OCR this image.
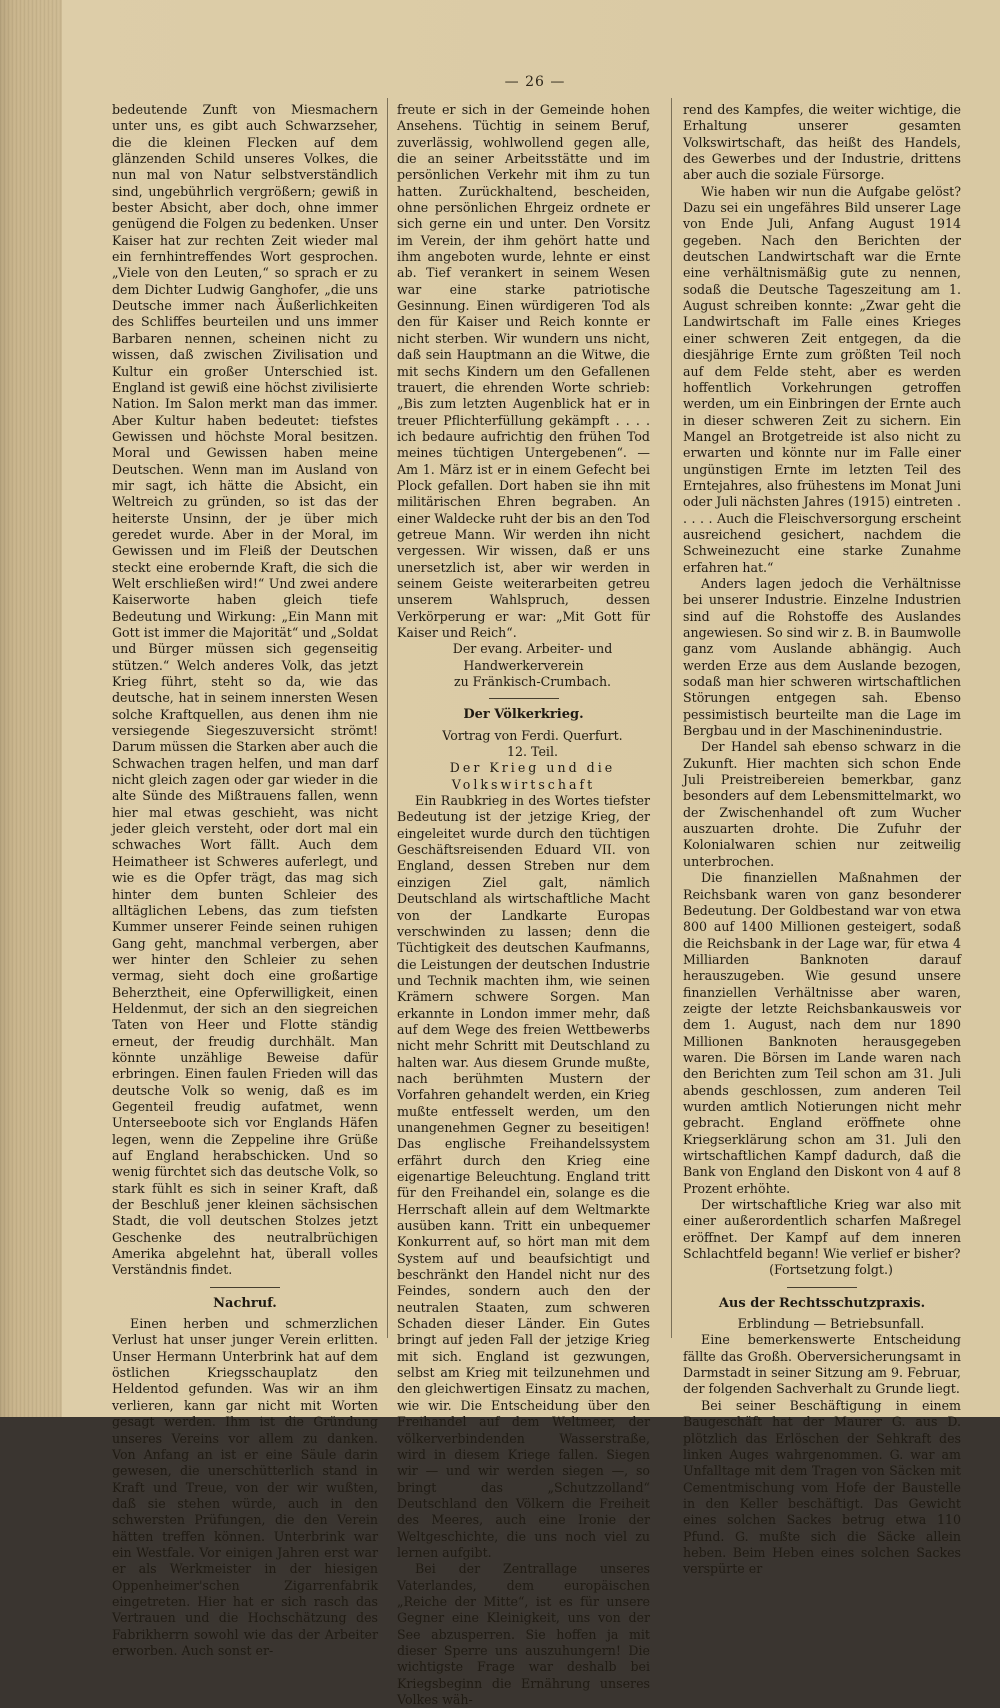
— 26 —

bedeutende Zunft von Miesmachern unter uns, es gibt auch Schwarzseher, die die kleinen Flecken auf dem glänzenden Schild unseres Volkes, die nun mal von Natur selbstverständlich sind, ungebührlich vergrößern; gewiß in bester Absicht, aber doch, ohne immer genügend die Folgen zu bedenken. Unser Kaiser hat zur rechten Zeit wieder mal ein fernhintreffendes Wort gesprochen. „Viele von den Leuten,“ so sprach er zu dem Dichter Ludwig Ganghofer, „die uns Deutsche immer nach Äußerlichkeiten des Schliffes beurteilen und uns immer Barbaren nennen, scheinen nicht zu wissen, daß zwischen Zivilisation und Kultur ein großer Unterschied ist. England ist gewiß eine höchst zivilisierte Nation. Im Salon merkt man das immer. Aber Kultur haben bedeutet: tiefstes Gewissen und höchste Moral besitzen. Moral und Gewissen haben meine Deutschen. Wenn man im Ausland von mir sagt, ich hätte die Absicht, ein Weltreich zu gründen, so ist das der heiterste Unsinn, der je über mich geredet wurde. Aber in der Moral, im Gewissen und im Fleiß der Deutschen steckt eine erobernde Kraft, die sich die Welt erschließen wird!“ Und zwei andere Kaiserworte haben gleich tiefe Bedeutung und Wirkung: „Ein Mann mit Gott ist immer die Majorität“ und „Soldat und Bürger müssen sich gegenseitig stützen.“ Welch anderes Volk, das jetzt Krieg führt, steht so da, wie das deutsche, hat in seinem innersten Wesen solche Kraftquellen, aus denen ihm nie versiegende Siegeszuversicht strömt! Darum müssen die Starken aber auch die Schwachen tragen helfen, und man darf nicht gleich zagen oder gar wieder in die alte Sünde des Mißtrauens fallen, wenn hier mal etwas geschieht, was nicht jeder gleich versteht, oder dort mal ein schwaches Wort fällt. Auch dem Heimatheer ist Schweres auferlegt, und wie es die Opfer trägt, das mag sich hinter dem bunten Schleier des alltäglichen Lebens, das zum tiefsten Kummer unserer Feinde seinen ruhigen Gang geht, manchmal verbergen, aber wer hinter den Schleier zu sehen vermag, sieht doch eine großartige Beherztheit, eine Opferwilligkeit, einen Heldenmut, der sich an den siegreichen Taten von Heer und Flotte ständig erneut, der freudig durchhält. Man könnte unzählige Beweise dafür erbringen. Einen faulen Frieden will das deutsche Volk so wenig, daß es im Gegenteil freudig aufatmet, wenn Unterseeboote sich vor Englands Häfen legen, wenn die Zeppeline ihre Grüße auf England herabschicken. Und so wenig fürchtet sich das deutsche Volk, so stark fühlt es sich in seiner Kraft, daß der Beschluß jener kleinen sächsischen Stadt, die voll deutschen Stolzes jetzt Geschenke des neutralbrüchigen Amerika abgelehnt hat, überall volles Verständnis findet.

Nachruf.

Einen herben und schmerzlichen Verlust hat unser junger Verein erlitten. Unser Hermann Unterbrink hat auf dem östlichen Kriegsschauplatz den Heldentod gefunden. Was wir an ihm verlieren, kann gar nicht mit Worten gesagt werden. Ihm ist die Gründung unseres Vereins vor allem zu danken. Von Anfang an ist er eine Säule darin gewesen, die unerschütterlich stand in Kraft und Treue, von der wir wußten, daß sie stehen würde, auch in den schwersten Prüfungen, die den Verein hätten treffen können. Unterbrink war ein Westfale. Vor einigen Jahren erst war er als Werkmeister in der hiesigen Oppenheimer'schen Zigarrenfabrik eingetreten. Hier hat er sich rasch das Vertrauen und die Hochschätzung des Fabrikherrn sowohl wie das der Arbeiter erworben. Auch sonst er-

freute er sich in der Gemeinde hohen Ansehens. Tüchtig in seinem Beruf, zuverlässig, wohlwollend gegen alle, die an seiner Arbeitsstätte und im persönlichen Verkehr mit ihm zu tun hatten. Zurückhaltend, bescheiden, ohne persönlichen Ehrgeiz ordnete er sich gerne ein und unter. Den Vorsitz im Verein, der ihm gehört hatte und ihm angeboten wurde, lehnte er einst ab. Tief verankert in seinem Wesen war eine starke patriotische Gesinnung. Einen würdigeren Tod als den für Kaiser und Reich konnte er nicht sterben. Wir wundern uns nicht, daß sein Hauptmann an die Witwe, die mit sechs Kindern um den Gefallenen trauert, die ehrenden Worte schrieb: „Bis zum letzten Augenblick hat er in treuer Pflichterfüllung gekämpft . . . . ich bedaure aufrichtig den frühen Tod meines tüchtigen Untergebenen“. — Am 1. März ist er in einem Gefecht bei Plock gefallen. Dort haben sie ihn mit militärischen Ehren begraben. An einer Waldecke ruht der bis an den Tod getreue Mann. Wir werden ihn nicht vergessen. Wir wissen, daß er uns unersetzlich ist, aber wir werden in seinem Geiste weiterarbeiten getreu unserem Wahlspruch, dessen Verkörperung er war: „Mit Gott für Kaiser und Reich“.

Der evang. Arbeiter- und Handwerkerverein

zu Fränkisch-Crumbach.

Der Völkerkrieg.

Vortrag von Ferdi. Querfurt.

12. Teil.

Der Krieg und die Volkswirtschaft

Ein Raubkrieg in des Wortes tiefster Bedeutung ist der jetzige Krieg, der eingeleitet wurde durch den tüchtigen Geschäftsreisenden Eduard VII. von England, dessen Streben nur dem einzigen Ziel galt, nämlich Deutschland als wirtschaftliche Macht von der Landkarte Europas verschwinden zu lassen; denn die Tüchtigkeit des deutschen Kaufmanns, die Leistungen der deutschen Industrie und Technik machten ihm, wie seinen Krämern schwere Sorgen. Man erkannte in London immer mehr, daß auf dem Wege des freien Wettbewerbs nicht mehr Schritt mit Deutschland zu halten war. Aus diesem Grunde mußte, nach berühmten Mustern der Vorfahren gehandelt werden, ein Krieg mußte entfesselt werden, um den unangenehmen Gegner zu beseitigen! Das englische Freihandelssystem erfährt durch den Krieg eine eigenartige Beleuchtung. England tritt für den Freihandel ein, solange es die Herrschaft allein auf dem Weltmarkte ausüben kann. Tritt ein unbequemer Konkurrent auf, so hört man mit dem System auf und beaufsichtigt und beschränkt den Handel nicht nur des Feindes, sondern auch den der neutralen Staaten, zum schweren Schaden dieser Länder. Ein Gutes bringt auf jeden Fall der jetzige Krieg mit sich. England ist gezwungen, selbst am Krieg mit teilzunehmen und den gleichwertigen Einsatz zu machen, wie wir. Die Entscheidung über den Freihandel auf dem Weltmeer, der völkerverbindenden Wasserstraße, wird in diesem Kriege fallen. Siegen wir — und wir werden siegen —, so bringt das „Schutzzolland“ Deutschland den Völkern die Freiheit des Meeres, auch eine Ironie der Weltgeschichte, die uns noch viel zu lernen aufgibt.

Bei der Zentrallage unseres Vaterlandes, dem europäischen „Reiche der Mitte“, ist es für unsere Gegner eine Kleinigkeit, uns von der See abzusperren. Sie hoffen ja mit dieser Sperre uns auszuhungern! Die wichtigste Frage war deshalb bei Kriegsbeginn die Ernährung unseres Volkes wäh-

rend des Kampfes, die weiter wichtige, die Erhaltung unserer gesamten Volkswirtschaft, das heißt des Handels, des Gewerbes und der Industrie, drittens aber auch die soziale Fürsorge.

Wie haben wir nun die Aufgabe gelöst? Dazu sei ein ungefähres Bild unserer Lage von Ende Juli, Anfang August 1914 gegeben. Nach den Berichten der deutschen Landwirtschaft war die Ernte eine verhältnismäßig gute zu nennen, sodaß die Deutsche Tageszeitung am 1. August schreiben konnte: „Zwar geht die Landwirtschaft im Falle eines Krieges einer schweren Zeit entgegen, da die diesjährige Ernte zum größten Teil noch auf dem Felde steht, aber es werden hoffentlich Vorkehrungen getroffen werden, um ein Einbringen der Ernte auch in dieser schweren Zeit zu sichern. Ein Mangel an Brotgetreide ist also nicht zu erwarten und könnte nur im Falle einer ungünstigen Ernte im letzten Teil des Erntejahres, also frühestens im Monat Juni oder Juli nächsten Jahres (1915) eintreten . . . . . Auch die Fleischversorgung erscheint ausreichend gesichert, nachdem die Schweinezucht eine starke Zunahme erfahren hat.“

Anders lagen jedoch die Verhältnisse bei unserer Industrie. Einzelne Industrien sind auf die Rohstoffe des Auslandes angewiesen. So sind wir z. B. in Baumwolle ganz vom Auslande abhängig. Auch werden Erze aus dem Auslande bezogen, sodaß man hier schweren wirtschaftlichen Störungen entgegen sah. Ebenso pessimistisch beurteilte man die Lage im Bergbau und in der Maschinenindustrie.

Der Handel sah ebenso schwarz in die Zukunft. Hier machten sich schon Ende Juli Preistreibereien bemerkbar, ganz besonders auf dem Lebensmittelmarkt, wo der Zwischenhandel oft zum Wucher auszuarten drohte. Die Zufuhr der Kolonialwaren schien nur zeitweilig unterbrochen.

Die finanziellen Maßnahmen der Reichsbank waren von ganz besonderer Bedeutung. Der Goldbestand war von etwa 800 auf 1400 Millionen gesteigert, sodaß die Reichsbank in der Lage war, für etwa 4 Milliarden Banknoten darauf herauszugeben. Wie gesund unsere finanziellen Verhältnisse aber waren, zeigte der letzte Reichsbankausweis vor dem 1. August, nach dem nur 1890 Millionen Banknoten herausgegeben waren. Die Börsen im Lande waren nach den Berichten zum Teil schon am 31. Juli abends geschlossen, zum anderen Teil wurden amtlich Notierungen nicht mehr gebracht. England eröffnete ohne Kriegserklärung schon am 31. Juli den wirtschaftlichen Kampf dadurch, daß die Bank von England den Diskont von 4 auf 8 Prozent erhöhte.

Der wirtschaftliche Krieg war also mit einer außerordentlich scharfen Maßregel eröffnet. Der Kampf auf dem inneren Schlachtfeld begann! Wie verlief er bisher?

(Fortsetzung folgt.)

Aus der Rechtsschutzpraxis.

Erblindung — Betriebsunfall.

Eine bemerkenswerte Entscheidung fällte das Großh. Oberversicherungsamt in Darmstadt in seiner Sitzung am 9. Februar, der folgenden Sachverhalt zu Grunde liegt.

Bei seiner Beschäftigung in einem Baugeschäft hat der Maurer G. aus D. plötzlich das Erlöschen der Sehkraft des linken Auges wahrgenommen. G. war am Unfalltage mit dem Tragen von Säcken mit Cementmischung vom Hofe der Baustelle in den Keller beschäftigt. Das Gewicht eines solchen Sackes betrug etwa 110 Pfund. G. mußte sich die Säcke allein heben. Beim Heben eines solchen Sackes verspürte er
